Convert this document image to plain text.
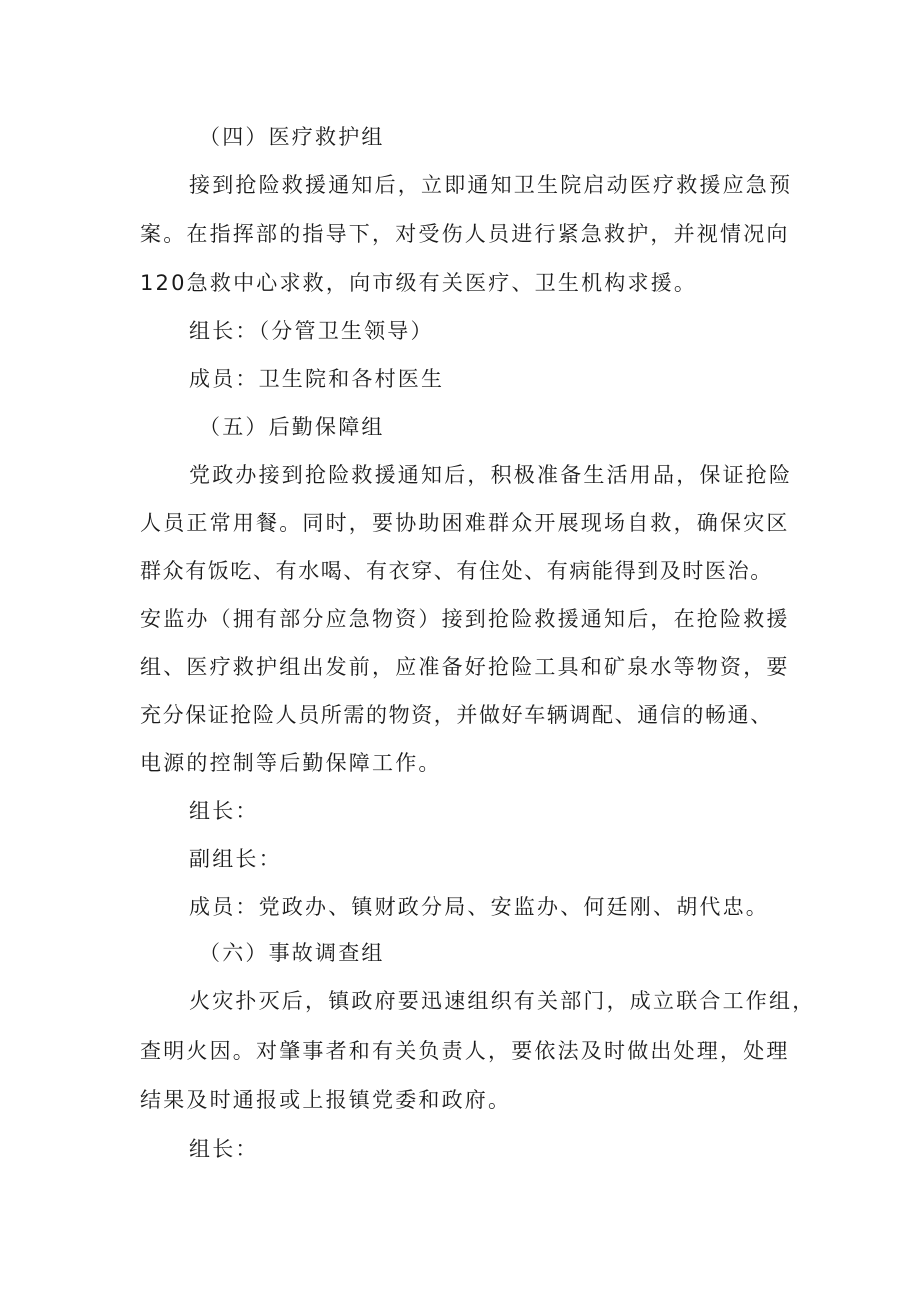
（四）医疗救护组
接到抢险救援通知后，立即通知卫生院启动医疗救援应急预
案。在指挥部的指导下，对受伤人员进行紧急救护，并视情况向
120急救中心求救，向市级有关医疗、卫生机构求援。
组长：（分管卫生领导）
成员：卫生院和各村医生
（五）后勤保障组
党政办接到抢险救援通知后，积极准备生活用品，保证抢险
人员正常用餐。同时，要协助困难群众开展现场自救，确保灾区
群众有饭吃、有水喝、有衣穿、有住处、有病能得到及时医治。
安监办（拥有部分应急物资）接到抢险救援通知后，在抢险救援
组、医疗救护组出发前，应准备好抢险工具和矿泉水等物资，要
充分保证抢险人员所需的物资，并做好车辆调配、通信的畅通、
电源的控制等后勤保障工作。
组长：
副组长：
成员：党政办、镇财政分局、安监办、何廷刚、胡代忠。
（六）事故调查组
火灾扑灭后，镇政府要迅速组织有关部门，成立联合工作组，
查明火因。对肇事者和有关负责人，要依法及时做出处理，处理
结果及时通报或上报镇党委和政府。
组长：
